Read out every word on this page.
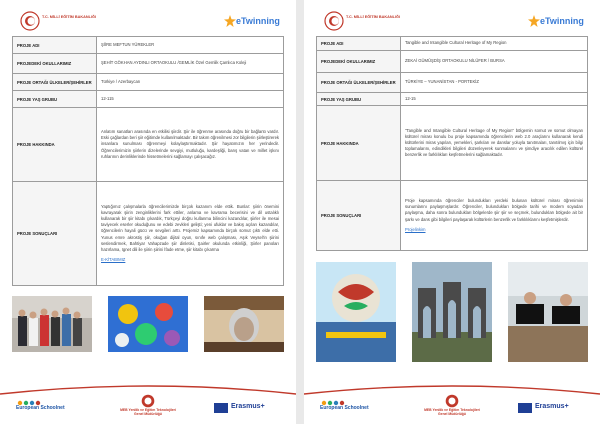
T.C. MİLLİ EĞİTİM BAKANLIĞI	eTwinning
PROJE ADI	ŞİİRE MEFTUN YÜREKLER
PROJEDEKİ OKULLARIMIZ	ŞEHİT GÖKHAN AYDINLI ORTAOKULU /GEMLİK Özel Gemlik Çamlıca Koleji
PROJE ORTAĞI ÜLKELER/ŞEHİRLER	Türkiye / Azerbaycan
PROJE YAŞ GRUBU	12-115
PROJE HAKKINDA	Anlatım sanatları arasında en etkilisi şiirdir. Şiir ile öğrenme arasında doğru bir bağlantı vardır. Eski çağlardan beri şiir eğitimde kullanılmaktadır. Bir takım öğrenilmesi zor bilgilerin şiirleştirerek insanlara sunulması öğrenmeyi kolaylaştırmaktadır. Şiir hayatımızın her yerindedir. Öğrencilerimizin şiirlerin dizelerinde sevgiyi, mutluluğu, kardeşliği, barış vatan ve millet işkını ruhlarının derinliklerinde hissetmelerini sağlamayı çalışacağız.
PROJE SONUÇLARI	Yaptığımız çalışmalarla öğrencilerimizde birçok kazanım elde ettik. Bunlar: şiirin önemini kavrayarak şiirin zenginliklerini fark ettiler, anlama ve kavrama becerisini ve dil ustalıklı kullanarak bir şiir kitabı çıkardık, Türkçeyi doğru kullanma bilincini kazandılar, şiirler ile mesai taviyecek eserler okuduğunu ve edebi zevkleri gelişti; yeni ufuklar ve bakış açıları kazandılar, öğrencilerin hayali gücü ve sevgileri arttı. Projemiz kapsamında birçok somut çıktı elde etti. Yunus emre akrostiş şiir, okuğan dijital oyun, sınıfe web çalışması, Aşık Veysel'in şiirini seslendirmek, Bahtiyar Vahapzade şiir dinletisi, Şairler okulunda etkinliği, Şiirler panoları hazırlama, Ignet dili ile şiirin şiirini İfade etme, şiir kitabı çıkarma
E-KİTABIMIZ
European Schoolnet	MEB Yenilik ve Eğitim Teknolojileri Genel Müdürlüğü
Erasmus+
T.C. MİLLİ EĞİTİM BAKANLIĞI	eTwinning
PROJE ADI	Tangible and Intangible Cultural Heritage of My Region
PROJEDEKİ OKULLARIMIZ	ZEKAİ GÜMÜŞDİŞ ORTAOKULU NİLÜFER / BURSA
PROJE ORTAĞI ÜLKELER/ŞEHİRLER	TÜRKİYE – YUNANİSTAN - PORTEKİZ
PROJE YAŞ GRUBU	12-15
PROJE HAKKINDA	"Tangible and Intangible Cultural Heritage of My Region" bölgemin somut ve somut olmayan kültürel mirası konulu bu proje kapsamında öğrencilerin web 2.0 araçlarını kullanarak kendi kültürlerini miras yapıları, yemekleri, şarkıları ve danslar yoluyla tanıtmaları, tanıtılmış için bilgi toplamalarını, edindikleri bilgileri düzenleyerek sunmalarını ve şimdiye aracılık edilen kültürel benzerlik ve farklılıkları keşfetmelerini sağlamaktadır.
PROJE SONUÇLARI	Proje kapsamında öğrenciler bulundukları yerdeki bulunan kültürel mirası öğrenimini sunumlarını paylaşmışlardır. Öğrenciler, bulundukları bölgede tarihi ve modern soyadan paylaşma, daha sonra bulundukları bölgelerde şiir şiir ve seçmek, bulundukları bölgede ait bir şarkı ve dans gibi bilgileri paylaşarak kültürlerin benzerlik ve farklılıklarını keşfetmişlerdir.
Projelinkim
European Schoolnet	MEB Yenilik ve Eğitim Teknolojileri Genel Müdürlüğü
Erasmus+
